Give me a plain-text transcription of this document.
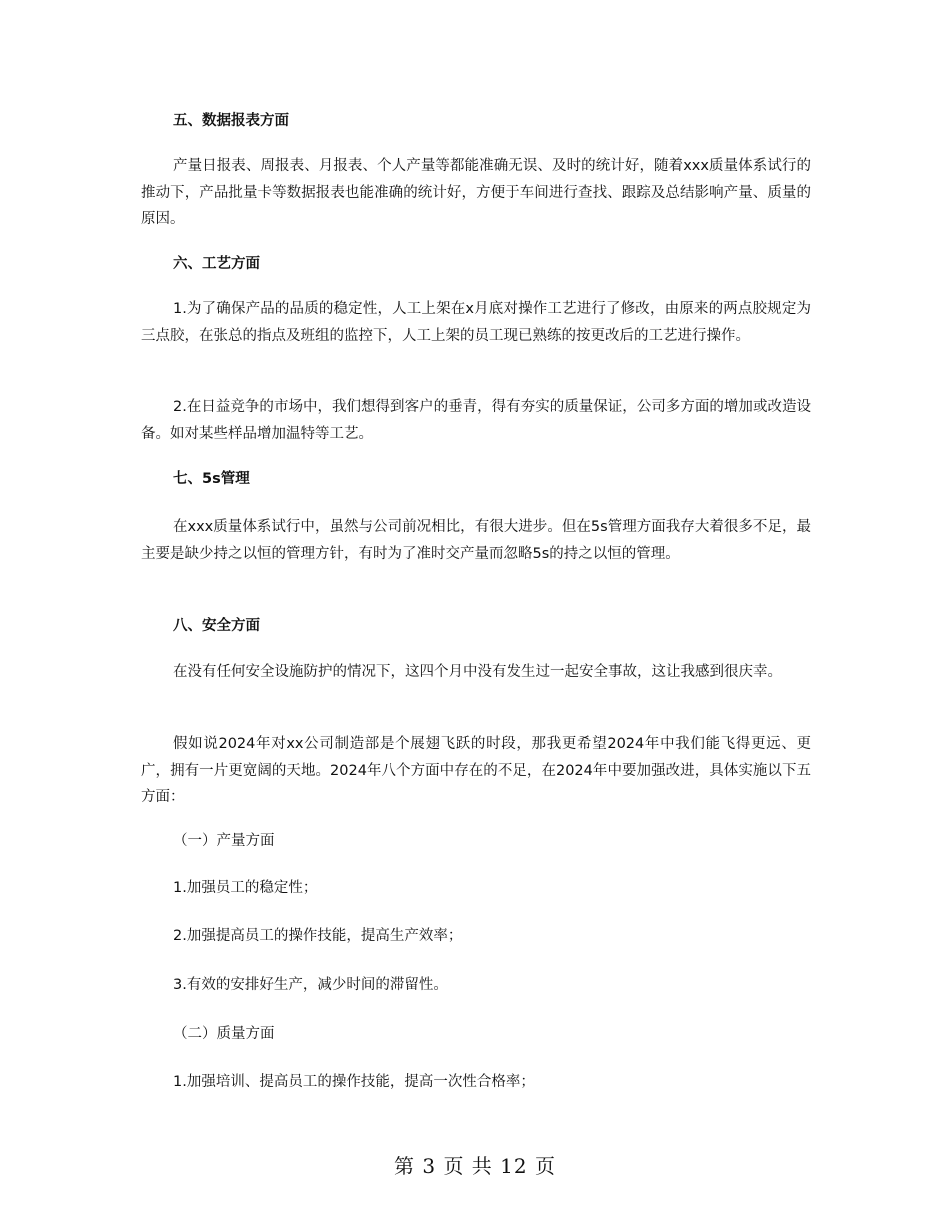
五、数据报表方面
产量日报表、周报表、月报表、个人产量等都能准确无误、及时的统计好，随着xxx质量体系试行的推动下，产品批量卡等数据报表也能准确的统计好，方便于车间进行查找、跟踪及总结影响产量、质量的原因。
六、工艺方面
1.为了确保产品的品质的稳定性，人工上架在x月底对操作工艺进行了修改，由原来的两点胶规定为三点胶，在张总的指点及班组的监控下，人工上架的员工现已熟练的按更改后的工艺进行操作。
2.在日益竞争的市场中，我们想得到客户的垂青，得有夯实的质量保证，公司多方面的增加或改造设备。如对某些样品增加温特等工艺。
七、5s管理
在xxx质量体系试行中，虽然与公司前况相比，有很大进步。但在5s管理方面我存大着很多不足，最主要是缺少持之以恒的管理方针，有时为了准时交产量而忽略5s的持之以恒的管理。
八、安全方面
在没有任何安全设施防护的情况下，这四个月中没有发生过一起安全事故，这让我感到很庆幸。
假如说2024年对xx公司制造部是个展翅飞跃的时段，那我更希望2024年中我们能飞得更远、更广，拥有一片更宽阔的天地。2024年八个方面中存在的不足，在2024年中要加强改进，具体实施以下五方面：
（一）产量方面
1.加强员工的稳定性；
2.加强提高员工的操作技能，提高生产效率；
3.有效的安排好生产，减少时间的滞留性。
（二）质量方面
1.加强培训、提高员工的操作技能，提高一次性合格率；
第 3 页 共 12 页
